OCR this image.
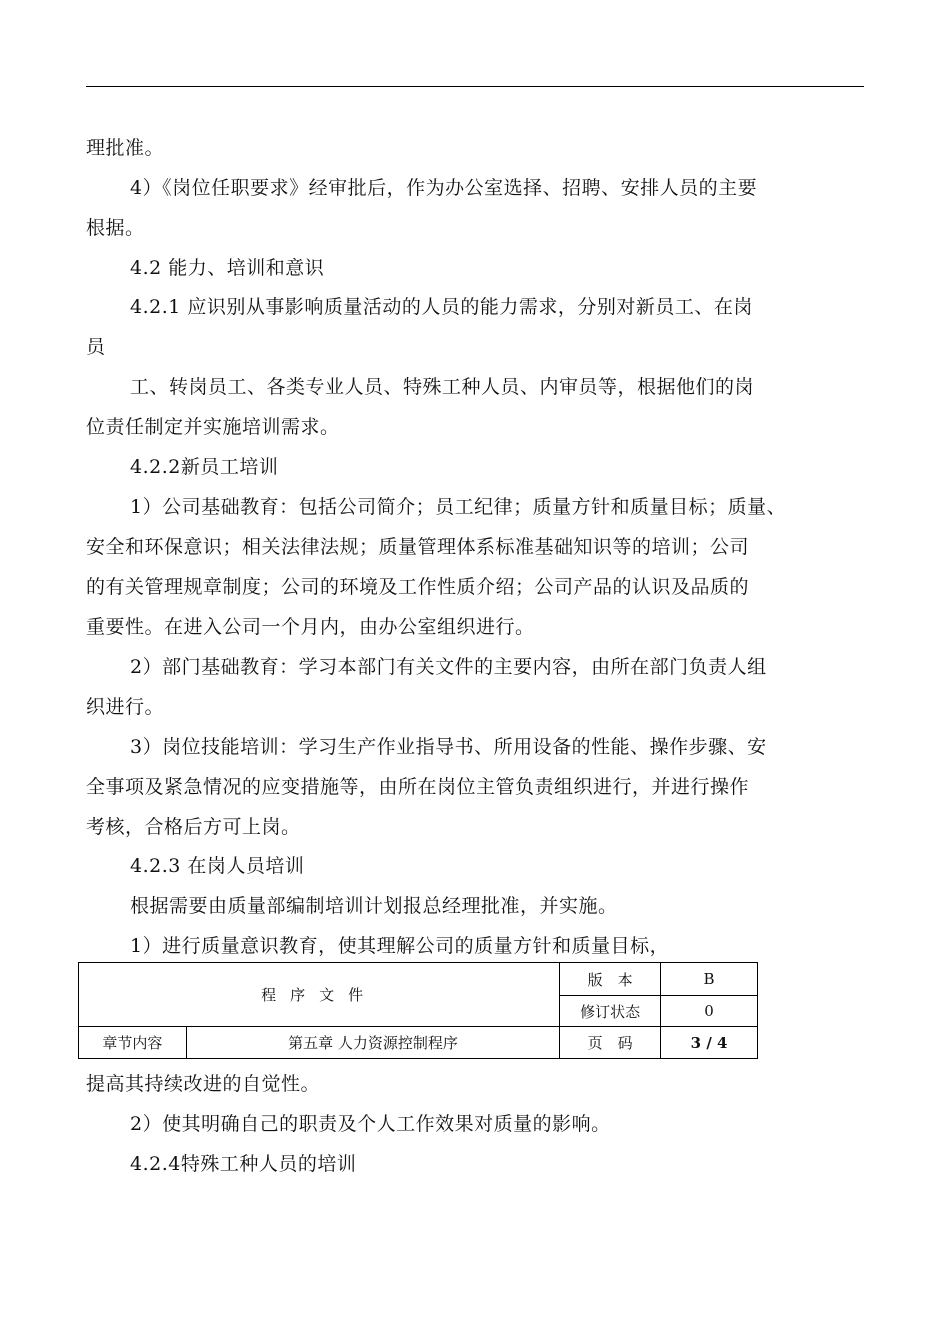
理批准。
4）《岗位任职要求》经审批后，作为办公室选择、招聘、安排人员的主要
根据。
4.2 能力、培训和意识
4.2.1 应识别从事影响质量活动的人员的能力需求，分别对新员工、在岗
员
工、转岗员工、各类专业人员、特殊工种人员、内审员等，根据他们的岗
位责任制定并实施培训需求。
4.2.2新员工培训
1）公司基础教育：包括公司简介；员工纪律；质量方针和质量目标；质量、
安全和环保意识；相关法律法规；质量管理体系标准基础知识等的培训；公司
的有关管理规章制度；公司的环境及工作性质介绍；公司产品的认识及品质的
重要性。在进入公司一个月内，由办公室组织进行。
2）部门基础教育：学习本部门有关文件的主要内容，由所在部门负责人组
织进行。
3）岗位技能培训：学习生产作业指导书、所用设备的性能、操作步骤、安
全事项及紧急情况的应变措施等，由所在岗位主管负责组织进行，并进行操作
考核，合格后方可上岗。
4.2.3 在岗人员培训
根据需要由质量部编制培训计划报总经理批准，并实施。
1）进行质量意识教育，使其理解公司的质量方针和质量目标，
程序文件		版　本	B
		修订状态	0
章节内容	第五章 人力资源控制程序	页　码	3 / 4
提高其持续改进的自觉性。
2）使其明确自己的职责及个人工作效果对质量的影响。
4.2.4特殊工种人员的培训
